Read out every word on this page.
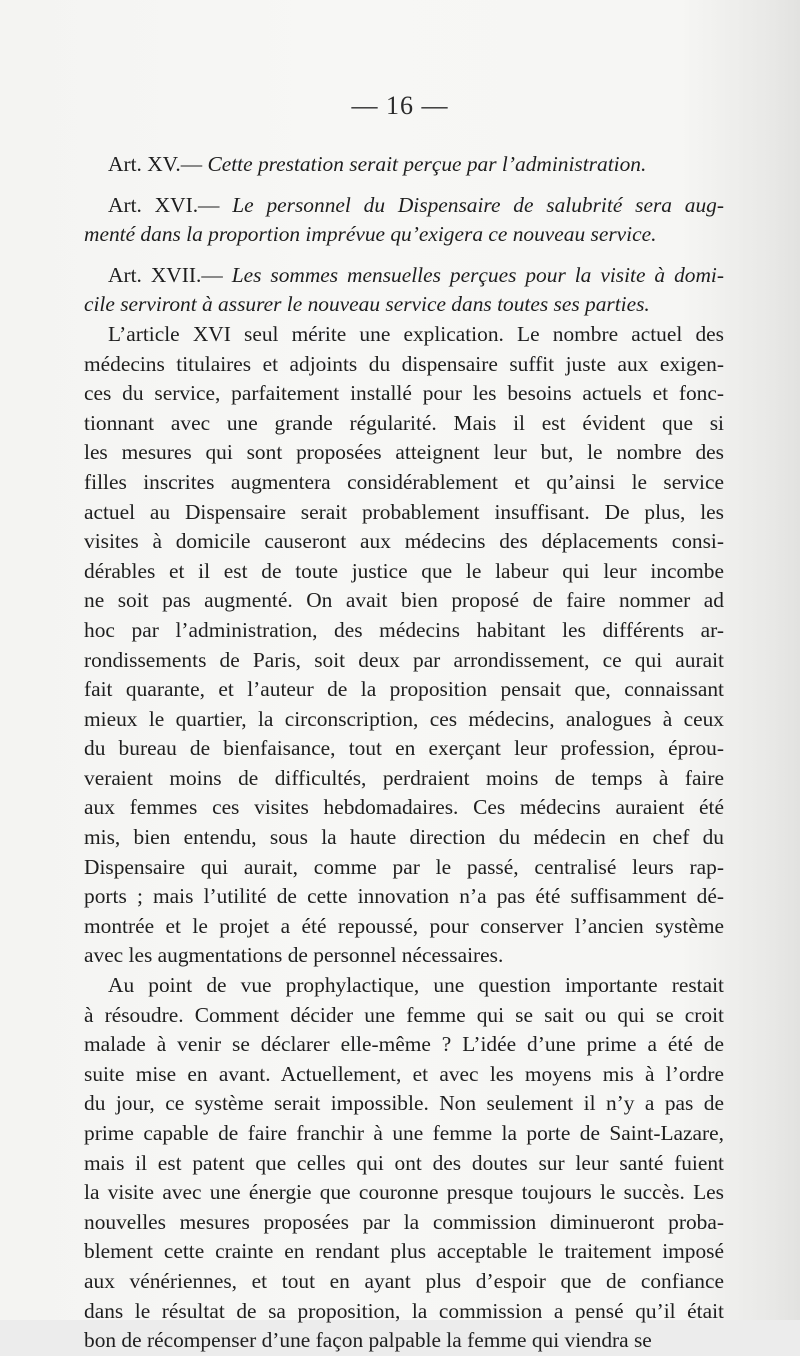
— 16 —
Art. XV.— Cette prestation serait perçue par l’administration.
Art. XVI.— Le personnel du Dispensaire de salubrité sera aug-
menté dans la proportion imprévue qu’exigera ce nouveau service.
Art. XVII.— Les sommes mensuelles perçues pour la visite à domi-
cile serviront à assurer le nouveau service dans toutes ses parties.
L’article XVI seul mérite une explication. Le nombre actuel des
médecins titulaires et adjoints du dispensaire suffit juste aux exigen-
ces du service, parfaitement installé pour les besoins actuels et fonc-
tionnant avec une grande régularité. Mais il est évident que si
les mesures qui sont proposées atteignent leur but, le nombre des
filles inscrites augmentera considérablement et qu’ainsi le service
actuel au Dispensaire serait probablement insuffisant. De plus, les
visites à domicile causeront aux médecins des déplacements consi-
dérables et il est de toute justice que le labeur qui leur incombe
ne soit pas augmenté. On avait bien proposé de faire nommer ad
hoc par l’administration, des médecins habitant les différents ar-
rondissements de Paris, soit deux par arrondissement, ce qui aurait
fait quarante, et l’auteur de la proposition pensait que, connaissant
mieux le quartier, la circonscription, ces médecins, analogues à ceux
du bureau de bienfaisance, tout en exerçant leur profession, éprou-
veraient moins de difficultés, perdraient moins de temps à faire
aux femmes ces visites hebdomadaires. Ces médecins auraient été
mis, bien entendu, sous la haute direction du médecin en chef du
Dispensaire qui aurait, comme par le passé, centralisé leurs rap-
ports ; mais l’utilité de cette innovation n’a pas été suffisamment dé-
montrée et le projet a été repoussé, pour conserver l’ancien système
avec les augmentations de personnel nécessaires.
Au point de vue prophylactique, une question importante restait
à résoudre. Comment décider une femme qui se sait ou qui se croit
malade à venir se déclarer elle-même ? L’idée d’une prime a été de
suite mise en avant. Actuellement, et avec les moyens mis à l’ordre
du jour, ce système serait impossible. Non seulement il n’y a pas de
prime capable de faire franchir à une femme la porte de Saint-Lazare,
mais il est patent que celles qui ont des doutes sur leur santé fuient
la visite avec une énergie que couronne presque toujours le succès. Les
nouvelles mesures proposées par la commission diminueront proba-
blement cette crainte en rendant plus acceptable le traitement imposé
aux vénériennes, et tout en ayant plus d’espoir que de confiance
dans le résultat de sa proposition, la commission a pensé qu’il était
bon de récompenser d’une façon palpable la femme qui viendra se
